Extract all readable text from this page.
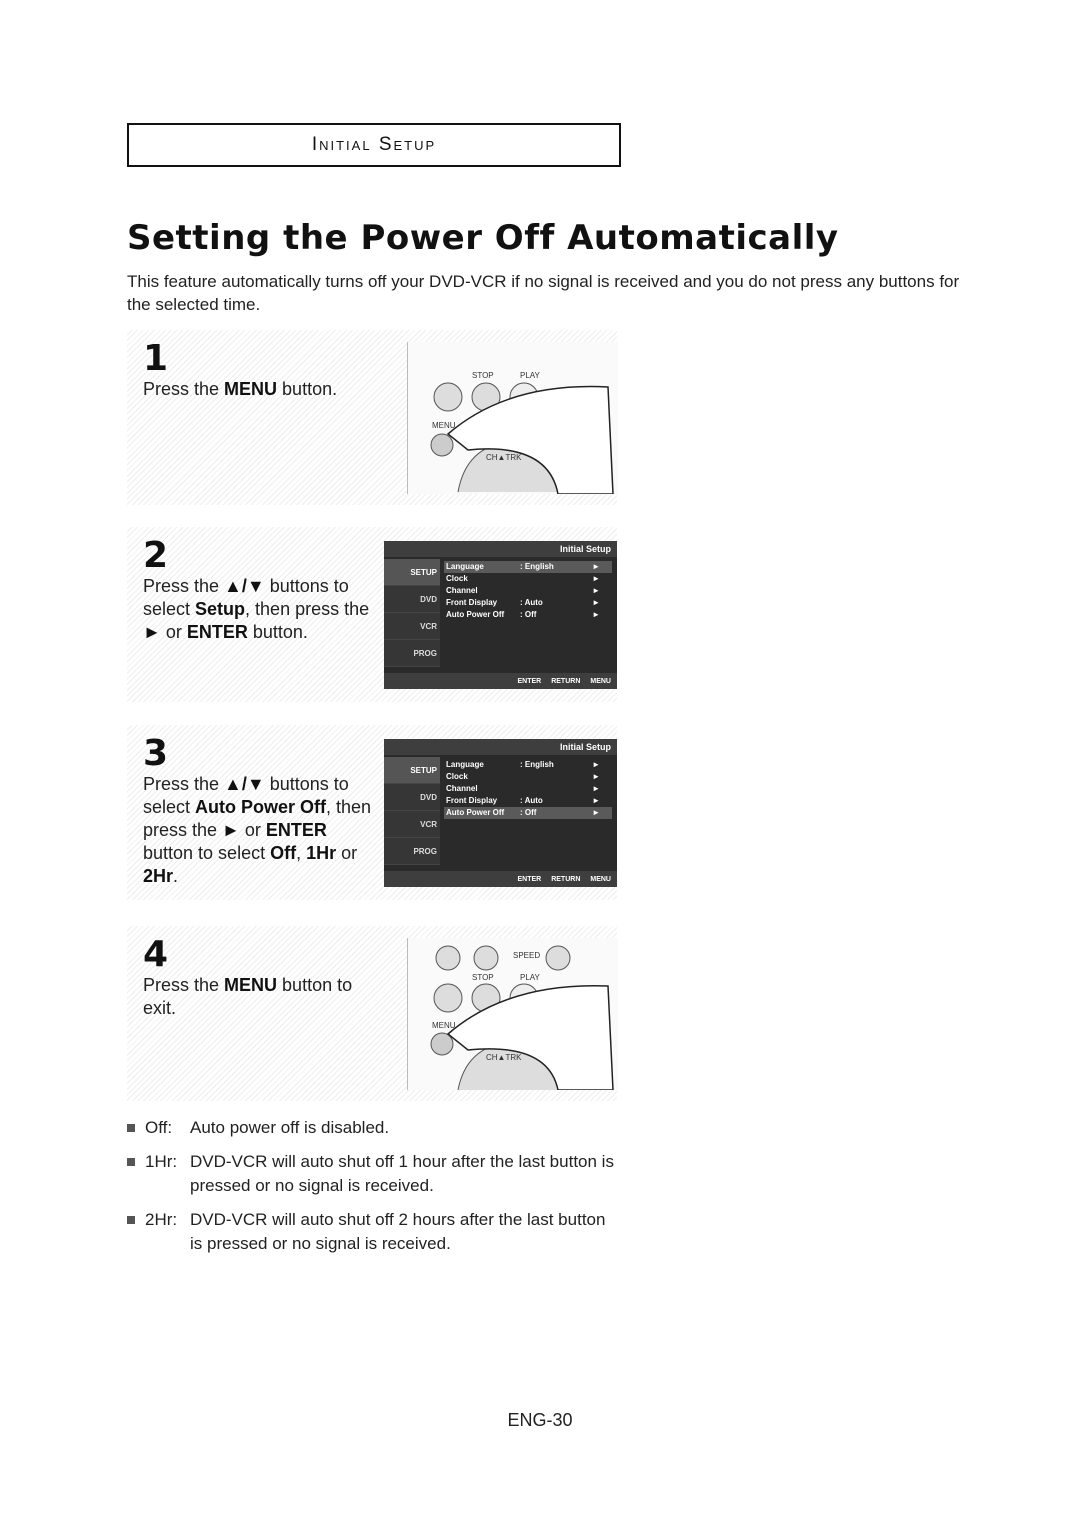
Initial Setup
Setting the Power Off Automatically
This feature automatically turns off your DVD-VCR if no signal is received and you do not press any buttons for the selected time.
1
Press the MENU button.
STOP	PLAY
MENU
CH▲TRK
2
Press the ▲/▼ buttons to select Setup, then press the ► or ENTER button.
Initial Setup
SETUP
DVD
VCR
PROG
Language	: English	►
Clock	►
Channel	►
Front Display	: Auto	►
Auto Power Off	: Off	►
ENTER RETURN MENU
3
Press the ▲/▼ buttons to select Auto Power Off, then press the ► or ENTER button to select Off, 1Hr or 2Hr.
Initial Setup
SETUP
DVD
VCR
PROG
Language	: English	►
Clock	►
Channel	►
Front Display	: Auto	►
Auto Power Off	: Off	►
ENTER RETURN MENU
4
Press the MENU button to exit.
SPEED
STOP	PLAY
MENU
CH▲TRK
Off:	Auto power off is disabled.
1Hr: DVD-VCR will auto shut off 1 hour after the last button is pressed or no signal is received.
2Hr: DVD-VCR will auto shut off 2 hours after the last button is pressed or no signal is received.
ENG-30
